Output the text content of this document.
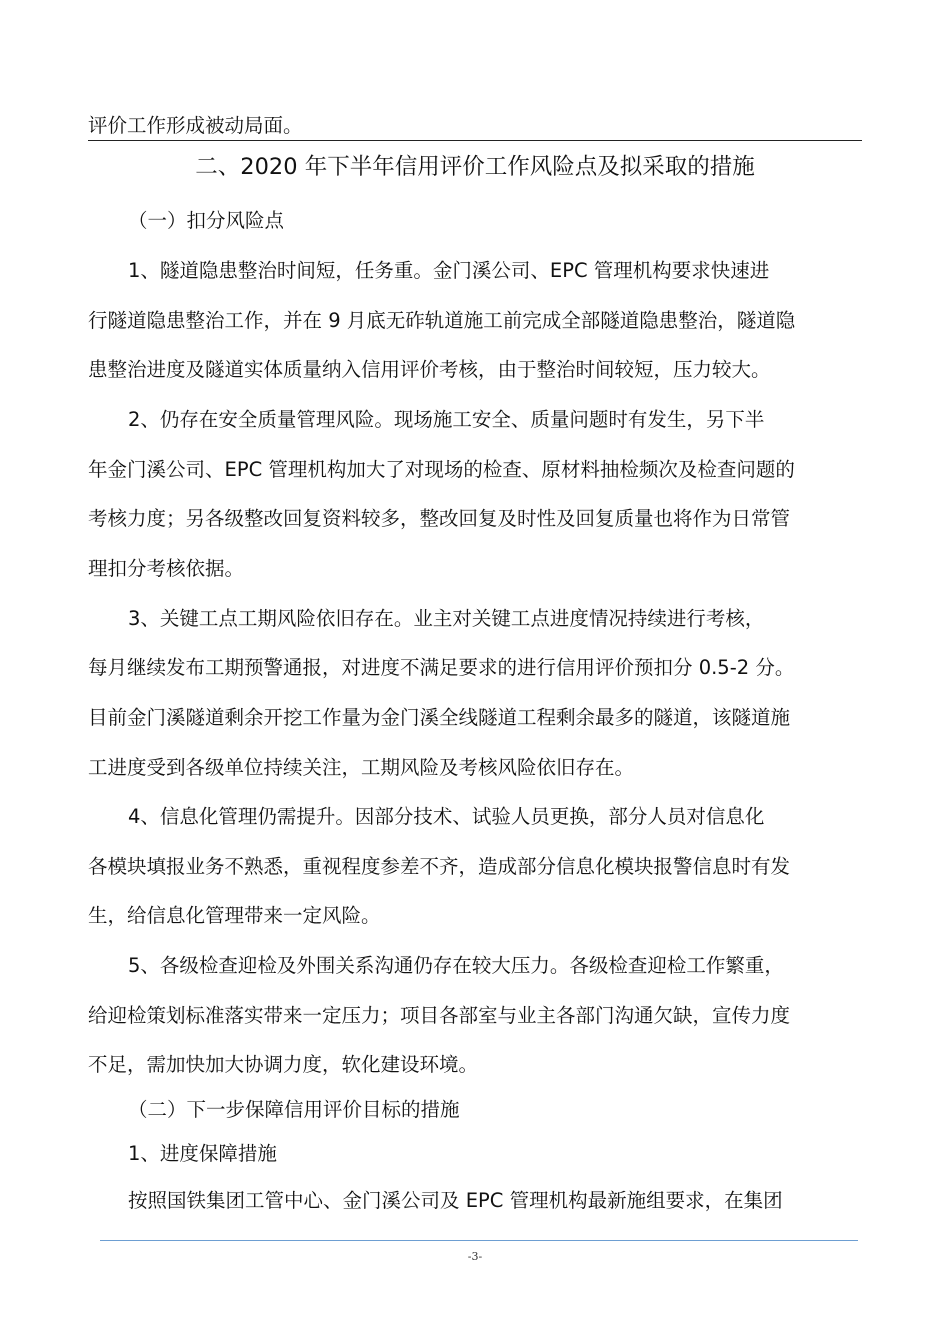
评价工作形成被动局面。
二、2020 年下半年信用评价工作风险点及拟采取的措施
（一）扣分风险点
1、隧道隐患整治时间短，任务重。金门溪公司、EPC 管理机构要求快速进
行隧道隐患整治工作，并在 9 月底无砟轨道施工前完成全部隧道隐患整治，隧道隐
患整治进度及隧道实体质量纳入信用评价考核，由于整治时间较短，压力较大。
2、仍存在安全质量管理风险。现场施工安全、质量问题时有发生，另下半
年金门溪公司、EPC 管理机构加大了对现场的检查、原材料抽检频次及检查问题的
考核力度；另各级整改回复资料较多，整改回复及时性及回复质量也将作为日常管
理扣分考核依据。
3、关键工点工期风险依旧存在。业主对关键工点进度情况持续进行考核，
每月继续发布工期预警通报，对进度不满足要求的进行信用评价预扣分 0.5-2 分。
目前金门溪隧道剩余开挖工作量为金门溪全线隧道工程剩余最多的隧道，该隧道施
工进度受到各级单位持续关注，工期风险及考核风险依旧存在。
4、信息化管理仍需提升。因部分技术、试验人员更换，部分人员对信息化
各模块填报业务不熟悉，重视程度参差不齐，造成部分信息化模块报警信息时有发
生，给信息化管理带来一定风险。
5、各级检查迎检及外围关系沟通仍存在较大压力。各级检查迎检工作繁重，
给迎检策划标准落实带来一定压力；项目各部室与业主各部门沟通欠缺，宣传力度
不足，需加快加大协调力度，软化建设环境。
（二）下一步保障信用评价目标的措施
1、进度保障措施
按照国铁集团工管中心、金门溪公司及 EPC 管理机构最新施组要求，在集团
-3-
